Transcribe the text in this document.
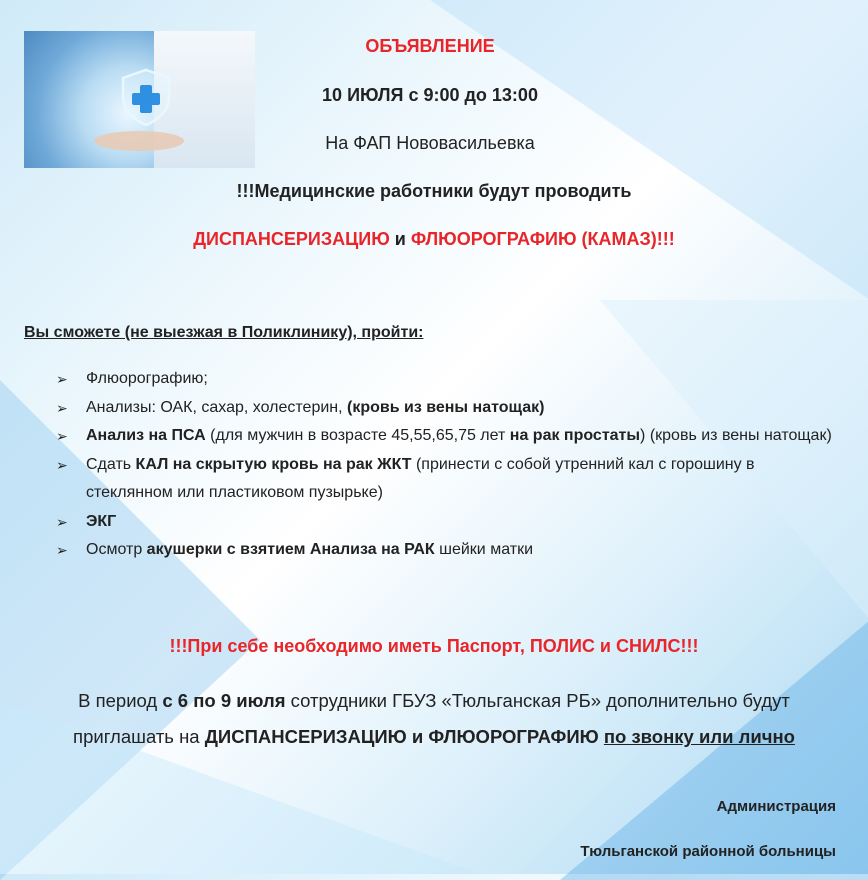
ОБЪЯВЛЕНИЕ
10 ИЮЛЯ с 9:00 до 13:00
На ФАП Нововасильевка
!!!Медицинские работники будут проводить
ДИСПАНСЕРИЗАЦИЮ и ФЛЮОРОГРАФИЮ (КАМАЗ)!!!
Вы сможете (не выезжая в Поликлинику), пройти:
➢ Флюорографию;
➢ Анализы: ОАК, сахар, холестерин, (кровь из вены натощак)
➢ Анализ на ПСА (для мужчин в возрасте 45,55,65,75 лет на рак простаты) (кровь из вены натощак)
➢ Сдать КАЛ на скрытую кровь на рак ЖКТ (принести с собой утренний кал с горошину в стеклянном или пластиковом пузырьке)
➢ ЭКГ
➢ Осмотр акушерки с взятием Анализа на РАК шейки матки
!!!При себе необходимо иметь Паспорт, ПОЛИС и СНИЛС!!!
В период с 6 по 9 июля сотрудники ГБУЗ «Тюльганская РБ» дополнительно будут приглашать на ДИСПАНСЕРИЗАЦИЮ и ФЛЮОРОГРАФИЮ по звонку или лично
Администрация
Тюльганской районной больницы
